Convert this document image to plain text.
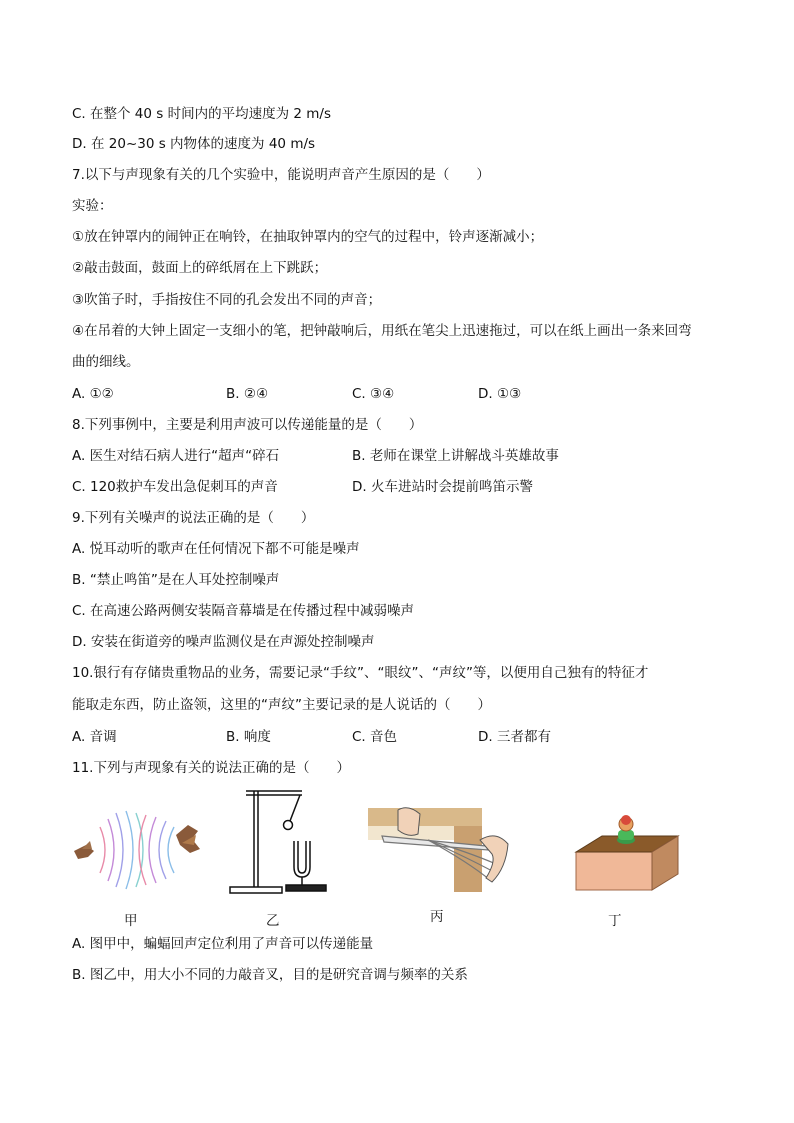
C. 在整个 40 s 时间内的平均速度为 2 m/s
D. 在 20~30 s 内物体的速度为 40 m/s
7.以下与声现象有关的几个实验中，能说明声音产生原因的是（　　）
实验：
①放在钟罩内的闹钟正在响铃，在抽取钟罩内的空气的过程中，铃声逐渐减小；
②敲击鼓面，鼓面上的碎纸屑在上下跳跃；
③吹笛子时，手指按住不同的孔会发出不同的声音；
④在吊着的大钟上固定一支细小的笔，把钟敲响后，用纸在笔尖上迅速拖过，可以在纸上画出一条来回弯
曲的细线。
A. ①②	B. ②④	C. ③④	D. ①③
8.下列事例中，主要是利用声波可以传递能量的是（　　）
A. 医生对结石病人进行“超声“碎石	B. 老师在课堂上讲解战斗英雄故事
C. 120救护车发出急促刺耳的声音	D. 火车进站时会提前鸣笛示警
9.下列有关噪声的说法正确的是（　　）
A. 悦耳动听的歌声在任何情况下都不可能是噪声
B. “禁止鸣笛”是在人耳处控制噪声
C. 在高速公路两侧安装隔音幕墙是在传播过程中减弱噪声
D. 安装在街道旁的噪声监测仪是在声源处控制噪声
10.银行有存储贵重物品的业务，需要记录“手纹”、“眼纹”、“声纹”等，以便用自己独有的特征才
能取走东西，防止盗领，这里的“声纹”主要记录的是人说话的（　　）
A. 音调	B. 响度	C. 音色	D. 三者都有
11.下列与声现象有关的说法正确的是（　　）
甲	乙	丙	丁
A. 图甲中，蝙蝠回声定位利用了声音可以传递能量
B. 图乙中，用大小不同的力敲音叉，目的是研究音调与频率的关系
